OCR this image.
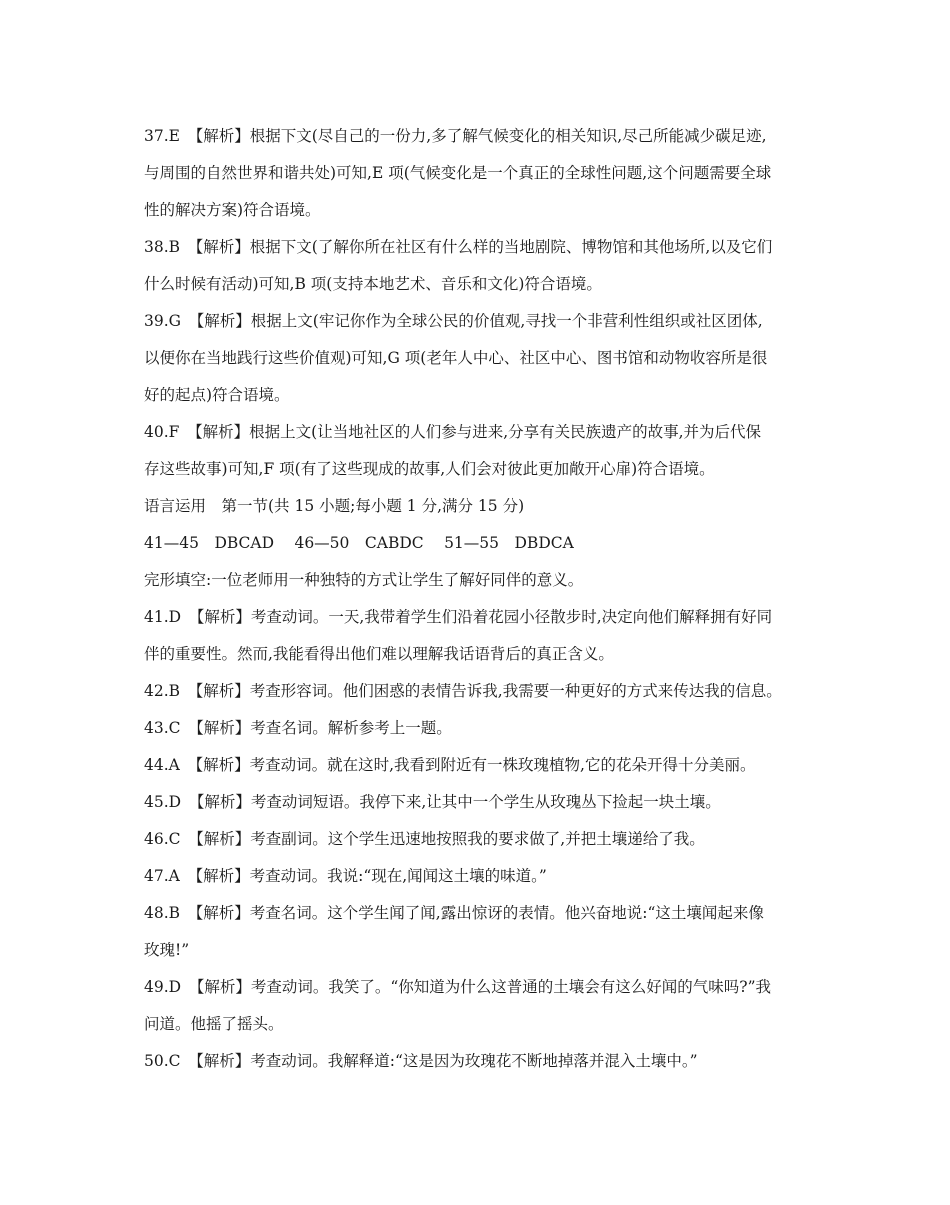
37.E　【解析】根据下文(尽自己的一份力,多了解气候变化的相关知识,尽己所能减少碳足迹,
与周围的自然世界和谐共处)可知,E 项(气候变化是一个真正的全球性问题,这个问题需要全球
性的解决方案)符合语境。
38.B　【解析】根据下文(了解你所在社区有什么样的当地剧院、博物馆和其他场所,以及它们
什么时候有活动)可知,B 项(支持本地艺术、音乐和文化)符合语境。
39.G　【解析】根据上文(牢记你作为全球公民的价值观,寻找一个非营利性组织或社区团体,
以便你在当地践行这些价值观)可知,G 项(老年人中心、社区中心、图书馆和动物收容所是很
好的起点)符合语境。
40.F　【解析】根据上文(让当地社区的人们参与进来,分享有关民族遗产的故事,并为后代保
存这些故事)可知,F 项(有了这些现成的故事,人们会对彼此更加敞开心扉)符合语境。
语言运用　第一节(共 15 小题;每小题 1 分,满分 15 分)
41—45　DBCAD　 46—50　CABDC　 51—55　DBDCA
完形填空:一位老师用一种独特的方式让学生了解好同伴的意义。
41.D　【解析】考查动词。一天,我带着学生们沿着花园小径散步时,决定向他们解释拥有好同
伴的重要性。然而,我能看得出他们难以理解我话语背后的真正含义。
42.B　【解析】考查形容词。他们困惑的表情告诉我,我需要一种更好的方式来传达我的信息。
43.C　【解析】考查名词。解析参考上一题。
44.A　【解析】考查动词。就在这时,我看到附近有一株玫瑰植物,它的花朵开得十分美丽。
45.D　【解析】考查动词短语。我停下来,让其中一个学生从玫瑰丛下捡起一块土壤。
46.C　【解析】考查副词。这个学生迅速地按照我的要求做了,并把土壤递给了我。
47.A　【解析】考查动词。我说:“现在,闻闻这土壤的味道。”
48.B　【解析】考查名词。这个学生闻了闻,露出惊讶的表情。他兴奋地说:“这土壤闻起来像
玫瑰!”
49.D　【解析】考查动词。我笑了。“你知道为什么这普通的土壤会有这么好闻的气味吗?”我
问道。他摇了摇头。
50.C　【解析】考查动词。我解释道:“这是因为玫瑰花不断地掉落并混入土壤中。”
